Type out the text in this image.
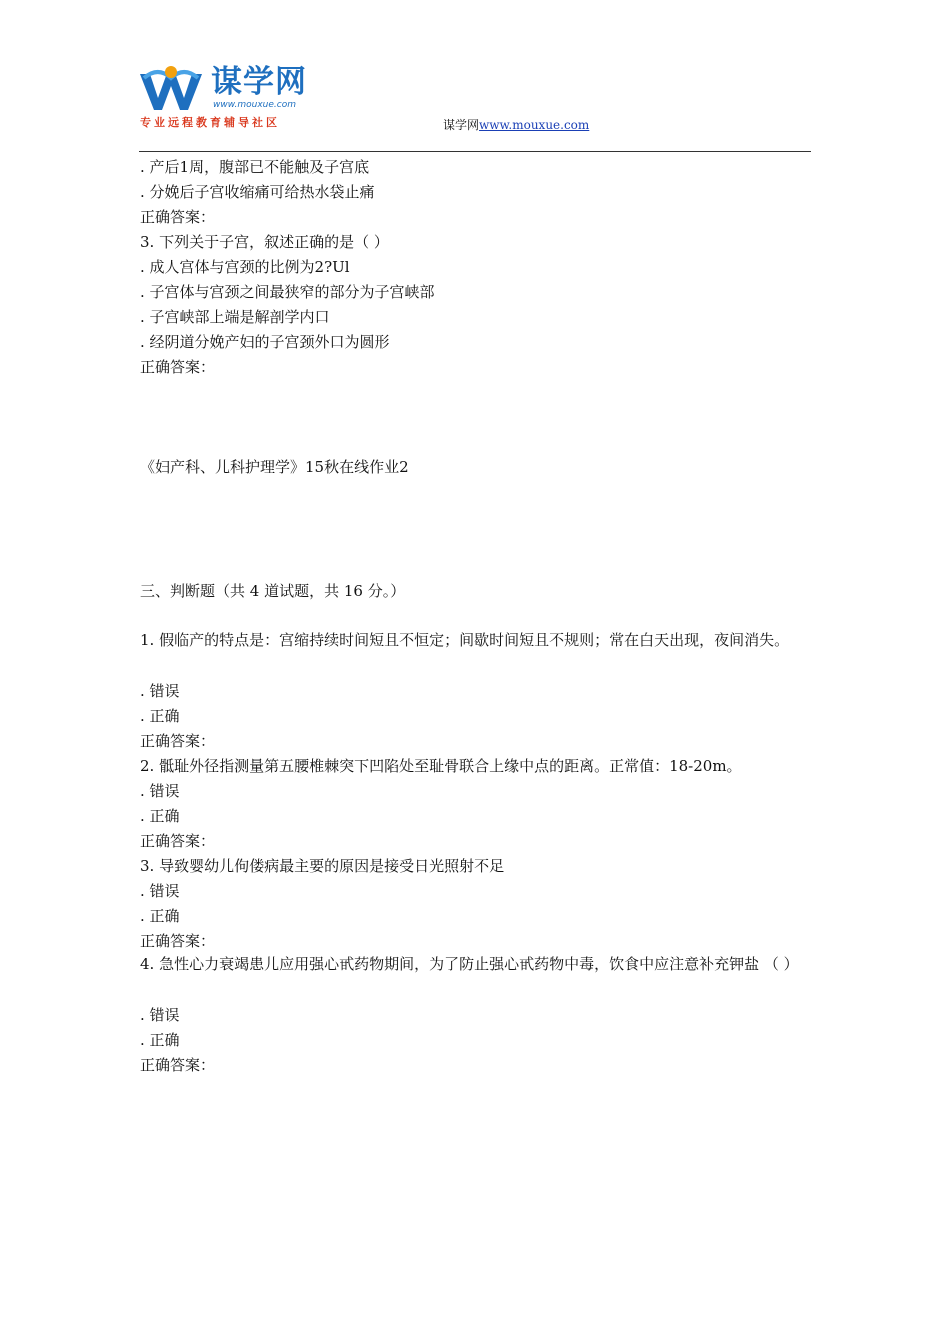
谋学网
www.mouxue.com
专业远程教育辅导社区	谋学网www.mouxue.com
. 产后1周，腹部已不能触及子宫底
. 分娩后子宫收缩痛可给热水袋止痛
正确答案：
3. 下列关于子宫，叙述正确的是（ ）
. 成人宫体与宫颈的比例为2?Ul
. 子宫体与宫颈之间最狭窄的部分为子宫峡部
. 子宫峡部上端是解剖学内口
. 经阴道分娩产妇的子宫颈外口为圆形
正确答案：
《妇产科、儿科护理学》15秋在线作业2
三、判断题（共 4 道试题，共 16 分。）
1. 假临产的特点是：宫缩持续时间短且不恒定；间歇时间短且不规则；常在白天出现，夜间消失。
. 错误
. 正确
正确答案：
2. 骶耻外径指测量第五腰椎棘突下凹陷处至耻骨联合上缘中点的距离。正常值：18-20m。
. 错误
. 正确
正确答案：
3. 导致婴幼儿佝偻病最主要的原因是接受日光照射不足
. 错误
. 正确
正确答案：
4. 急性心力衰竭患儿应用强心甙药物期间，为了防止强心甙药物中毒，饮食中应注意补充钾盐 （ ）
. 错误
. 正确
正确答案：
